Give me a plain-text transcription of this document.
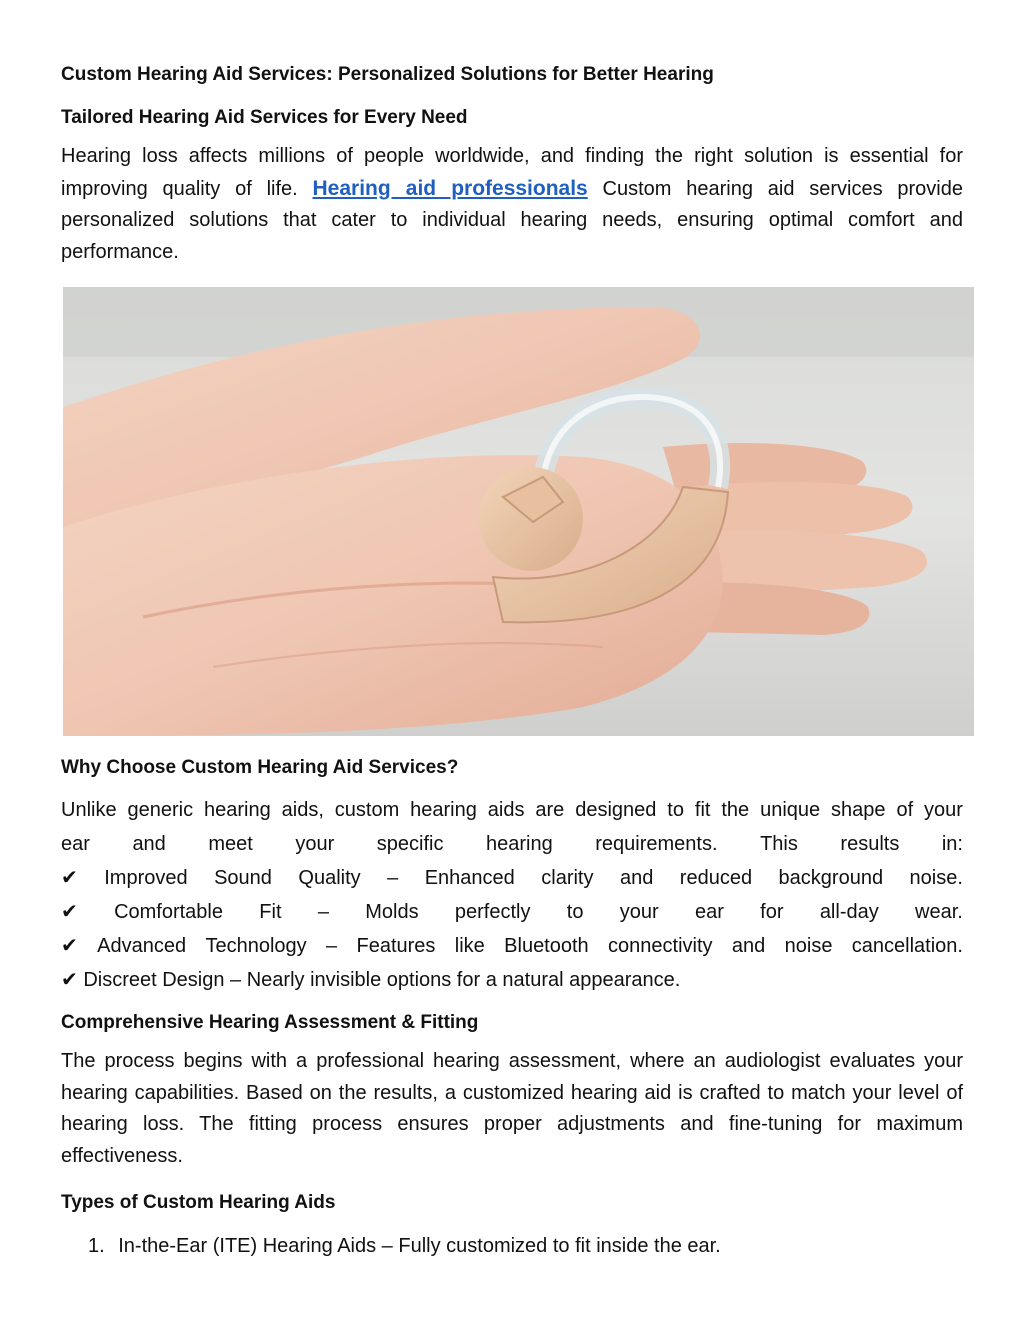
Custom Hearing Aid Services: Personalized Solutions for Better Hearing

Tailored Hearing Aid Services for Every Need

Hearing loss affects millions of people worldwide, and finding the right solution is essential for improving quality of life. Hearing aid professionals Custom hearing aid services provide personalized solutions that cater to individual hearing needs, ensuring optimal comfort and performance.

Why Choose Custom Hearing Aid Services?

Unlike generic hearing aids, custom hearing aids are designed to fit the unique shape of your
ear and meet your specific hearing requirements. This results in:
✔ Improved Sound Quality – Enhanced clarity and reduced background noise.
✔ Comfortable Fit – Molds perfectly to your ear for all-day wear.
✔ Advanced Technology – Features like Bluetooth connectivity and noise cancellation.
✔ Discreet Design – Nearly invisible options for a natural appearance.

Comprehensive Hearing Assessment & Fitting

The process begins with a professional hearing assessment, where an audiologist evaluates your hearing capabilities. Based on the results, a customized hearing aid is crafted to match your level of hearing loss. The fitting process ensures proper adjustments and fine-tuning for maximum effectiveness.

Types of Custom Hearing Aids

1. In-the-Ear (ITE) Hearing Aids – Fully customized to fit inside the ear.
